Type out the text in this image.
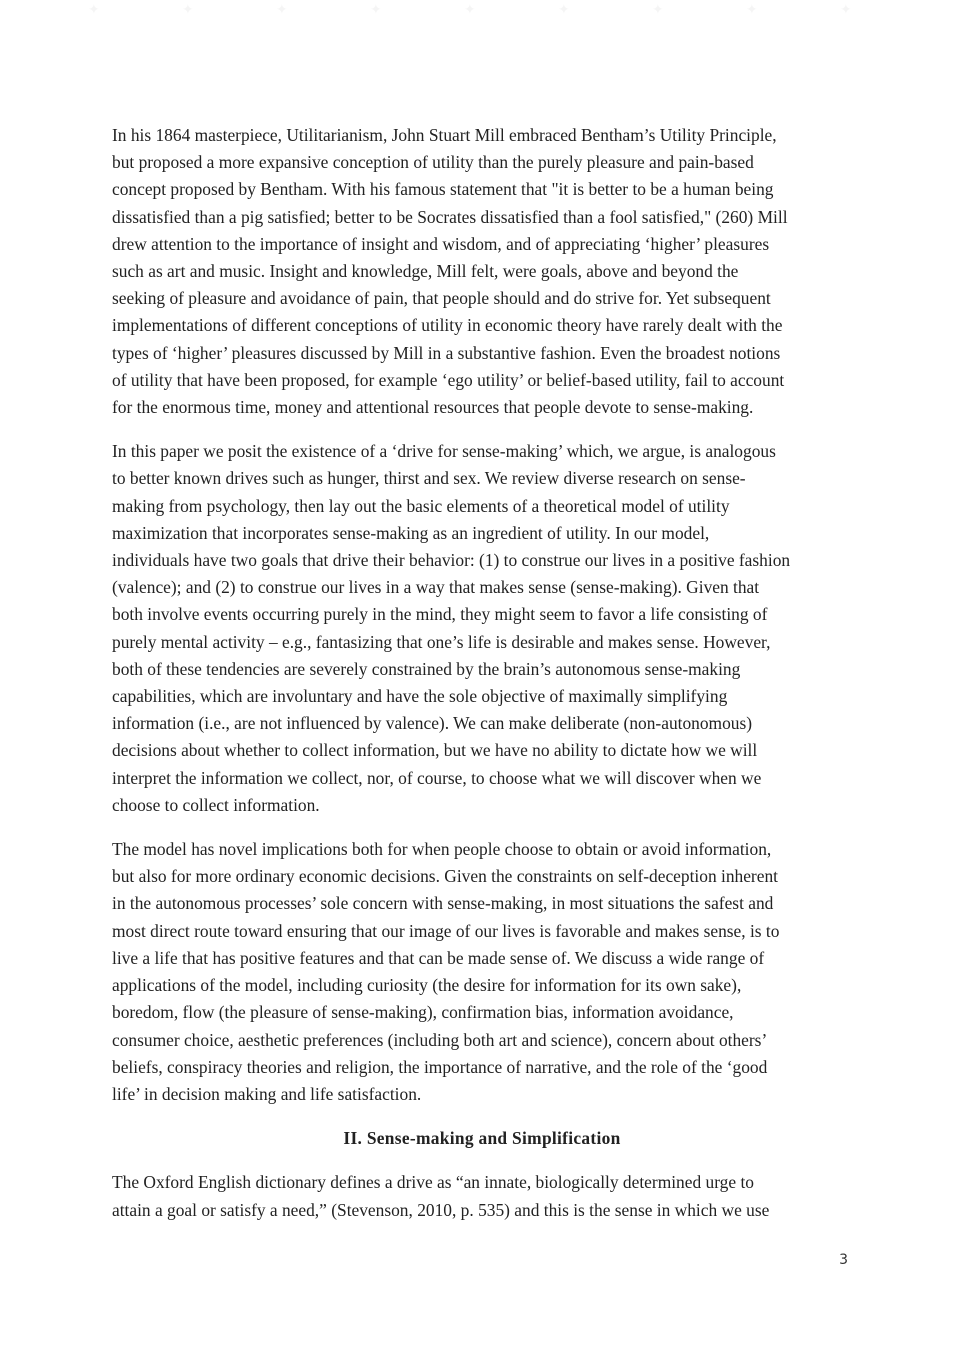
✦	✦	✦	✦	✦	✦	✦	✦	✦

In his 1864 masterpiece, Utilitarianism, John Stuart Mill embraced Bentham’s Utility Principle,
but proposed a more expansive conception of utility than the purely pleasure and pain-based
concept proposed by Bentham. With his famous statement that "it is better to be a human being
dissatisfied than a pig satisfied; better to be Socrates dissatisfied than a fool satisfied," (260) Mill
drew attention to the importance of insight and wisdom, and of appreciating ‘higher’ pleasures
such as art and music. Insight and knowledge, Mill felt, were goals, above and beyond the
seeking of pleasure and avoidance of pain, that people should and do strive for. Yet subsequent
implementations of different conceptions of utility in economic theory have rarely dealt with the
types of ‘higher’ pleasures discussed by Mill in a substantive fashion. Even the broadest notions
of utility that have been proposed, for example ‘ego utility’ or belief-based utility, fail to account
for the enormous time, money and attentional resources that people devote to sense-making.

In this paper we posit the existence of a ‘drive for sense-making’ which, we argue, is analogous
to better known drives such as hunger, thirst and sex. We review diverse research on sense-
making from psychology, then lay out the basic elements of a theoretical model of utility
maximization that incorporates sense-making as an ingredient of utility. In our model,
individuals have two goals that drive their behavior: (1) to construe our lives in a positive fashion
(valence); and (2) to construe our lives in a way that makes sense (sense-making). Given that
both involve events occurring purely in the mind, they might seem to favor a life consisting of
purely mental activity – e.g., fantasizing that one’s life is desirable and makes sense. However,
both of these tendencies are severely constrained by the brain’s autonomous sense-making
capabilities, which are involuntary and have the sole objective of maximally simplifying
information (i.e., are not influenced by valence). We can make deliberate (non-autonomous)
decisions about whether to collect information, but we have no ability to dictate how we will
interpret the information we collect, nor, of course, to choose what we will discover when we
choose to collect information.

The model has novel implications both for when people choose to obtain or avoid information,
but also for more ordinary economic decisions. Given the constraints on self-deception inherent
in the autonomous processes’ sole concern with sense-making, in most situations the safest and
most direct route toward ensuring that our image of our lives is favorable and makes sense, is to
live a life that has positive features and that can be made sense of. We discuss a wide range of
applications of the model, including curiosity (the desire for information for its own sake),
boredom, flow (the pleasure of sense-making), confirmation bias, information avoidance,
consumer choice, aesthetic preferences (including both art and science), concern about others’
beliefs, conspiracy theories and religion, the importance of narrative, and the role of the ‘good
life’ in decision making and life satisfaction.

II. Sense-making and Simplification

The Oxford English dictionary defines a drive as “an innate, biologically determined urge to
attain a goal or satisfy a need,” (Stevenson, 2010, p. 535) and this is the sense in which we use

3
